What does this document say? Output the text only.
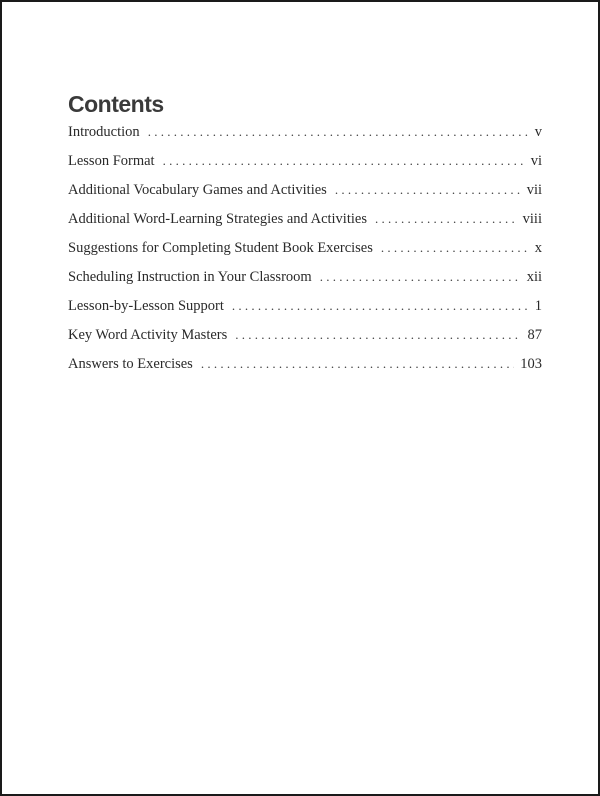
Contents
Introduction . . .	v
Lesson Format . . .	vi
Additional Vocabulary Games and Activities . . .	vii
Additional Word-Learning Strategies and Activities . . .	viii
Suggestions for Completing Student Book Exercises . . .	x
Scheduling Instruction in Your Classroom . . .	xii
Lesson-by-Lesson Support . . .	1
Key Word Activity Masters . . .	87
Answers to Exercises . . .	103
